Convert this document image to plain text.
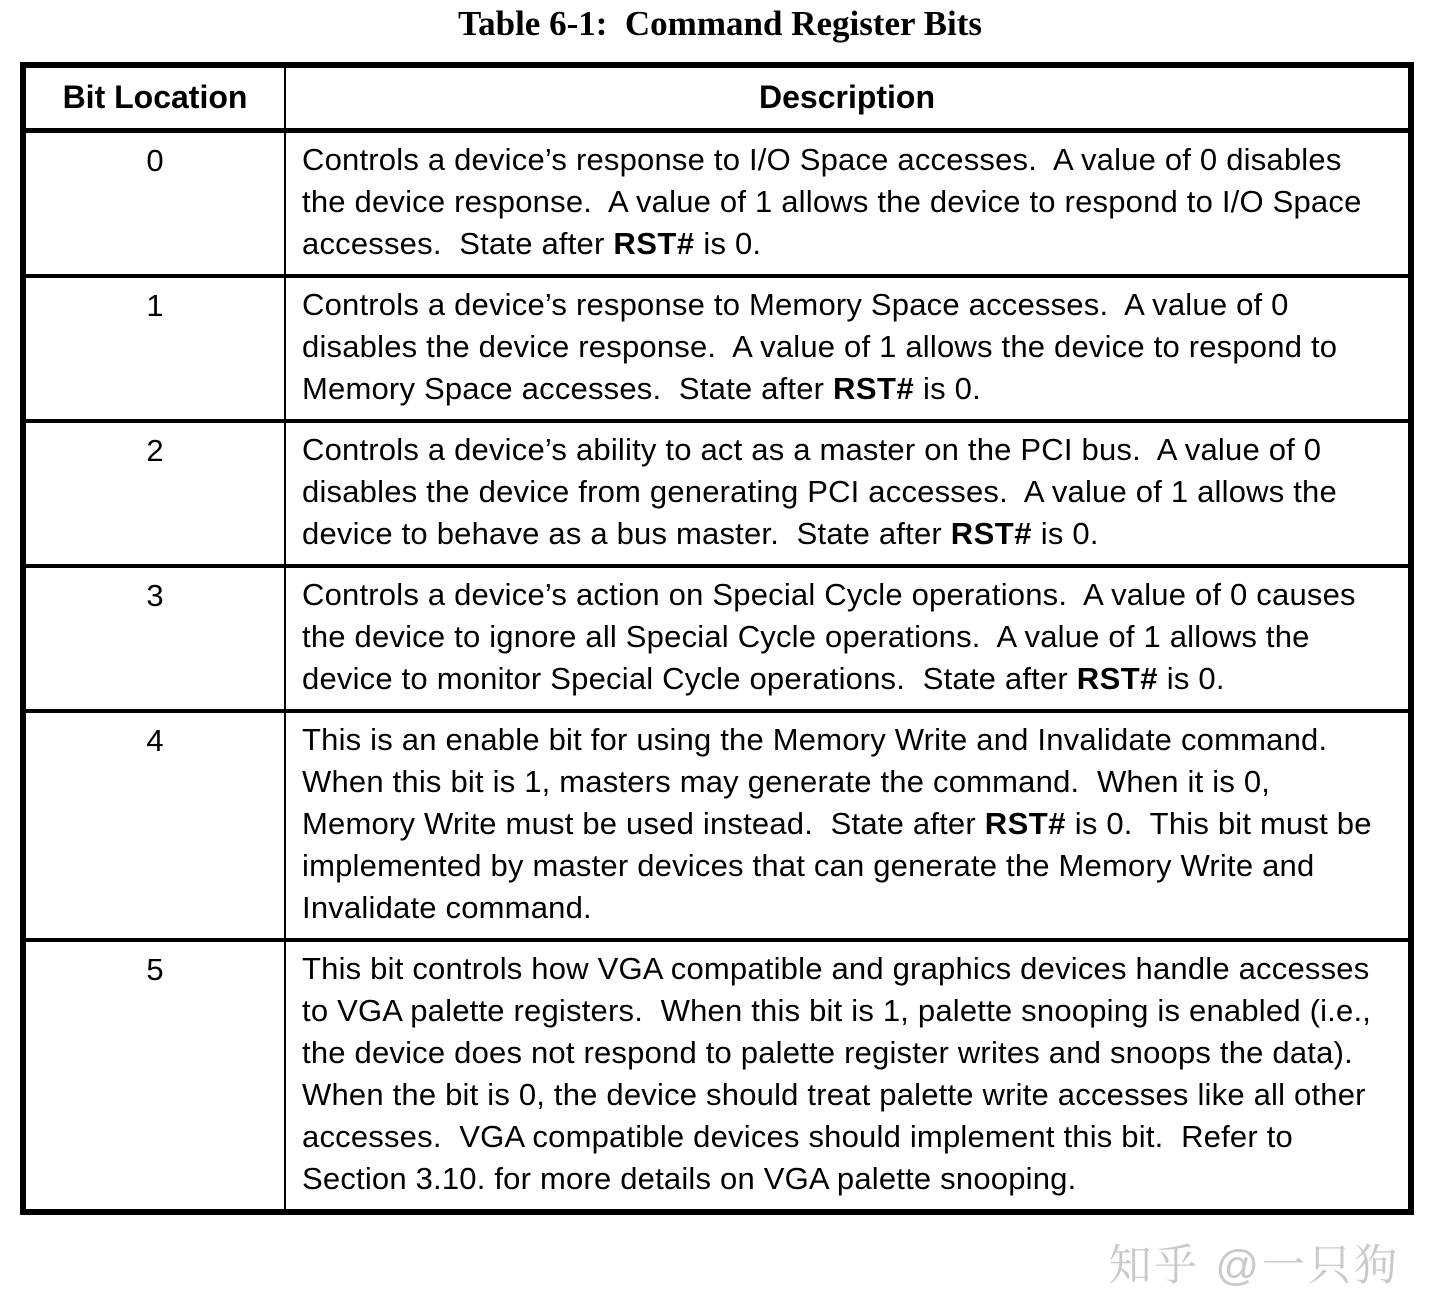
Table 6-1:  Command Register Bits
Bit Location	Description
0	Controls a device’s response to I/O Space accesses.  A value of 0 disables the device response.  A value of 1 allows the device to respond to I/O Space accesses.  State after RST# is 0.
1	Controls a device’s response to Memory Space accesses.  A value of 0 disables the device response.  A value of 1 allows the device to respond to Memory Space accesses.  State after RST# is 0.
2	Controls a device’s ability to act as a master on the PCI bus.  A value of 0 disables the device from generating PCI accesses.  A value of 1 allows the device to behave as a bus master.  State after RST# is 0.
3	Controls a device’s action on Special Cycle operations.  A value of 0 causes the device to ignore all Special Cycle operations.  A value of 1 allows the device to monitor Special Cycle operations.  State after RST# is 0.
4	This is an enable bit for using the Memory Write and Invalidate command.  When this bit is 1, masters may generate the command.  When it is 0, Memory Write must be used instead.  State after RST# is 0.  This bit must be implemented by master devices that can generate the Memory Write and Invalidate command.
5	This bit controls how VGA compatible and graphics devices handle accesses to VGA palette registers.  When this bit is 1, palette snooping is enabled (i.e., the device does not respond to palette register writes and snoops the data).  When the bit is 0, the device should treat palette write accesses like all other accesses.  VGA compatible devices should implement this bit.  Refer to Section 3.10. for more details on VGA palette snooping.
知乎 @一只狗
